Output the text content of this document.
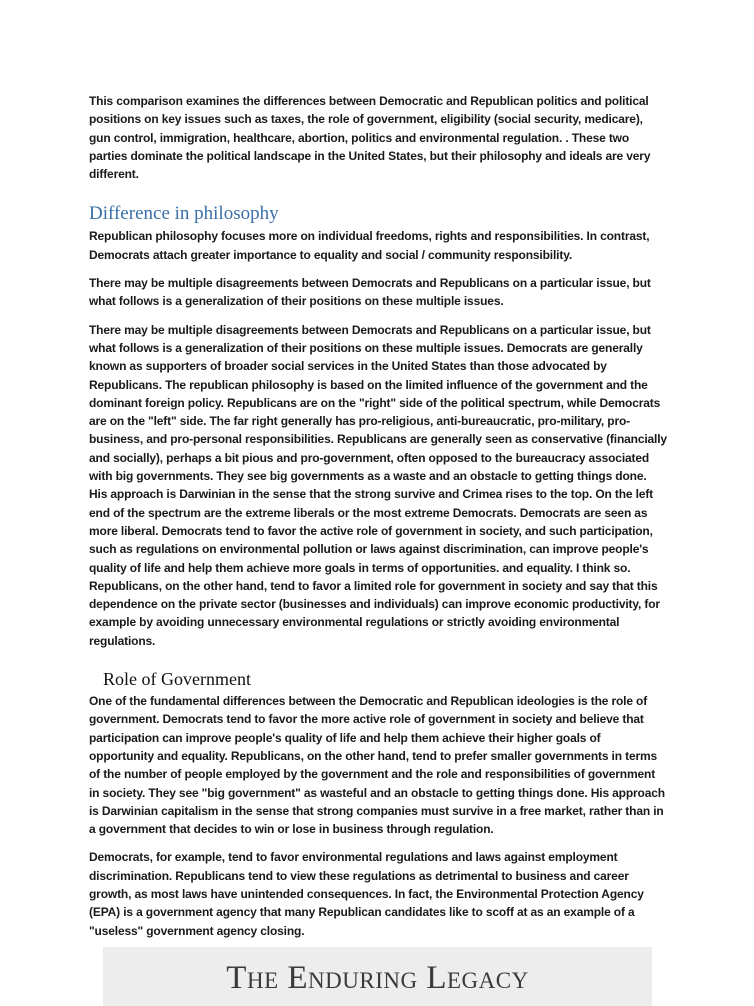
This comparison examines the differences between Democratic and Republican politics and political positions on key issues such as taxes, the role of government, eligibility (social security, medicare), gun control, immigration, healthcare, abortion, politics and environmental regulation. . These two parties dominate the political landscape in the United States, but their philosophy and ideals are very different.

Difference in philosophy

Republican philosophy focuses more on individual freedoms, rights and responsibilities. In contrast, Democrats attach greater importance to equality and social / community responsibility.

There may be multiple disagreements between Democrats and Republicans on a particular issue, but what follows is a generalization of their positions on these multiple issues.

There may be multiple disagreements between Democrats and Republicans on a particular issue, but what follows is a generalization of their positions on these multiple issues. Democrats are generally known as supporters of broader social services in the United States than those advocated by Republicans. The republican philosophy is based on the limited influence of the government and the dominant foreign policy. Republicans are on the "right" side of the political spectrum, while Democrats are on the "left" side. The far right generally has pro-religious, anti-bureaucratic, pro-military, pro-business, and pro-personal responsibilities. Republicans are generally seen as conservative (financially and socially), perhaps a bit pious and pro-government, often opposed to the bureaucracy associated with big governments. They see big governments as a waste and an obstacle to getting things done. His approach is Darwinian in the sense that the strong survive and Crimea rises to the top. On the left end of the spectrum are the extreme liberals or the most extreme Democrats. Democrats are seen as more liberal. Democrats tend to favor the active role of government in society, and such participation, such as regulations on environmental pollution or laws against discrimination, can improve people's quality of life and help them achieve more goals in terms of opportunities. and equality. I think so. Republicans, on the other hand, tend to favor a limited role for government in society and say that this dependence on the private sector (businesses and individuals) can improve economic productivity, for example by avoiding unnecessary environmental regulations or strictly avoiding environmental regulations.

Role of Government

One of the fundamental differences between the Democratic and Republican ideologies is the role of government. Democrats tend to favor the more active role of government in society and believe that participation can improve people's quality of life and help them achieve their higher goals of opportunity and equality. Republicans, on the other hand, tend to prefer smaller governments in terms of the number of people employed by the government and the role and responsibilities of government in society. They see "big government" as wasteful and an obstacle to getting things done. His approach is Darwinian capitalism in the sense that strong companies must survive in a free market, rather than in a government that decides to win or lose in business through regulation.

Democrats, for example, tend to favor environmental regulations and laws against employment discrimination. Republicans tend to view these regulations as detrimental to business and career growth, as most laws have unintended consequences. In fact, the Environmental Protection Agency (EPA) is a government agency that many Republican candidates like to scoff at as an example of a "useless" government agency closing.

The Enduring Legacy
